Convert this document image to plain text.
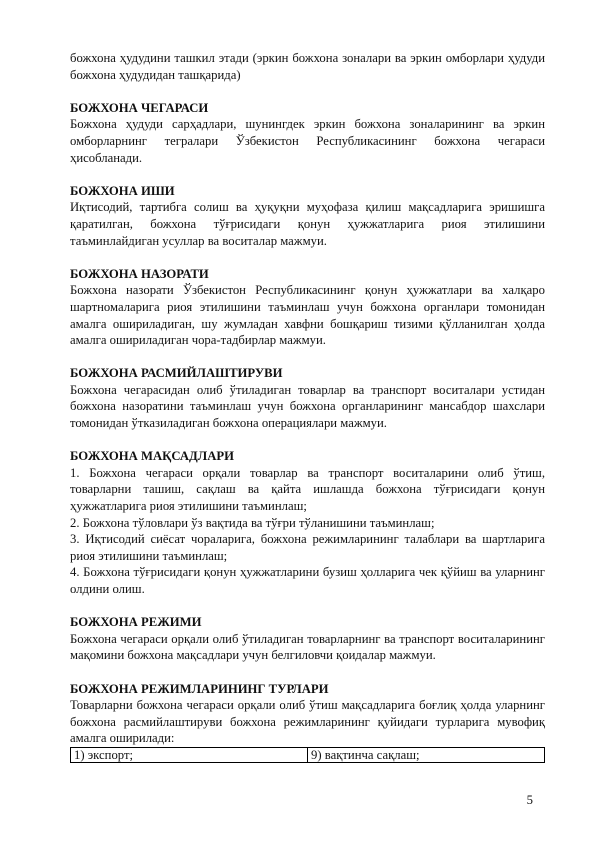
божхона ҳудудини ташкил этади (эркин божхона зоналари ва эркин омборлари ҳудуди божхона ҳудудидан ташқарида)

БОЖХОНА ЧЕГАРАСИ

Божхона ҳудуди сарҳадлари, шунингдек эркин божхона зоналарининг ва эркин омборларнинг тегралари Ўзбекистон Республикасининг божхона чегараси ҳисобланади.

БОЖХОНА ИШИ

Иқтисодий, тартибга солиш ва ҳуқуқни муҳофаза қилиш мақсадларига эришишга қаратилган, божхона тўғрисидаги қонун ҳужжатларига риоя этилишини таъминлайдиган усуллар ва воситалар мажмуи.

БОЖХОНА НАЗОРАТИ

Божхона назорати Ўзбекистон Республикасининг қонун ҳужжатлари ва халқаро шартномаларига риоя этилишини таъминлаш учун божхона органлари томонидан амалга ошириладиган, шу жумладан хавфни бошқариш тизими қўлланилган ҳолда амалга ошириладиган чора-тадбирлар мажмуи.

БОЖХОНА РАСМИЙЛАШТИРУВИ

Божхона чегарасидан олиб ўтиладиган товарлар ва транспорт воситалари устидан божхона назоратини таъминлаш учун божхона органларининг мансабдор шахслари томонидан ўтказиладиган божхона операциялари мажмуи.

БОЖХОНА МАҚСАДЛАРИ

1. Божхона чегараси орқали товарлар ва транспорт воситаларини олиб ўтиш, товарларни ташиш, сақлаш ва қайта ишлашда божхона тўғрисидаги қонун ҳужжатларига риоя этилишини таъминлаш;

2. Божхона тўловлари ўз вақтида ва тўғри тўланишини таъминлаш;

3. Иқтисодий сиёсат чораларига, божхона режимларининг талаблари ва шартларига риоя этилишини таъминлаш;

4. Божхона тўғрисидаги қонун ҳужжатларини бузиш ҳолларига чек қўйиш ва уларнинг олдини олиш.

БОЖХОНА РЕЖИМИ

Божхона чегараси орқали олиб ўтиладиган товарларнинг ва транспорт воситаларининг мақомини божхона мақсадлари учун белгиловчи қоидалар мажмуи.

БОЖХОНА РЕЖИМЛАРИНИНГ ТУРЛАРИ

Товарларни божхона чегараси орқали олиб ўтиш мақсадларига боғлиқ ҳолда уларнинг божхона расмийлаштируви божхона режимларининг қуйидаги турларига мувофиқ амалга оширилади:

1) экспорт;	9) вақтинча сақлаш;
5
